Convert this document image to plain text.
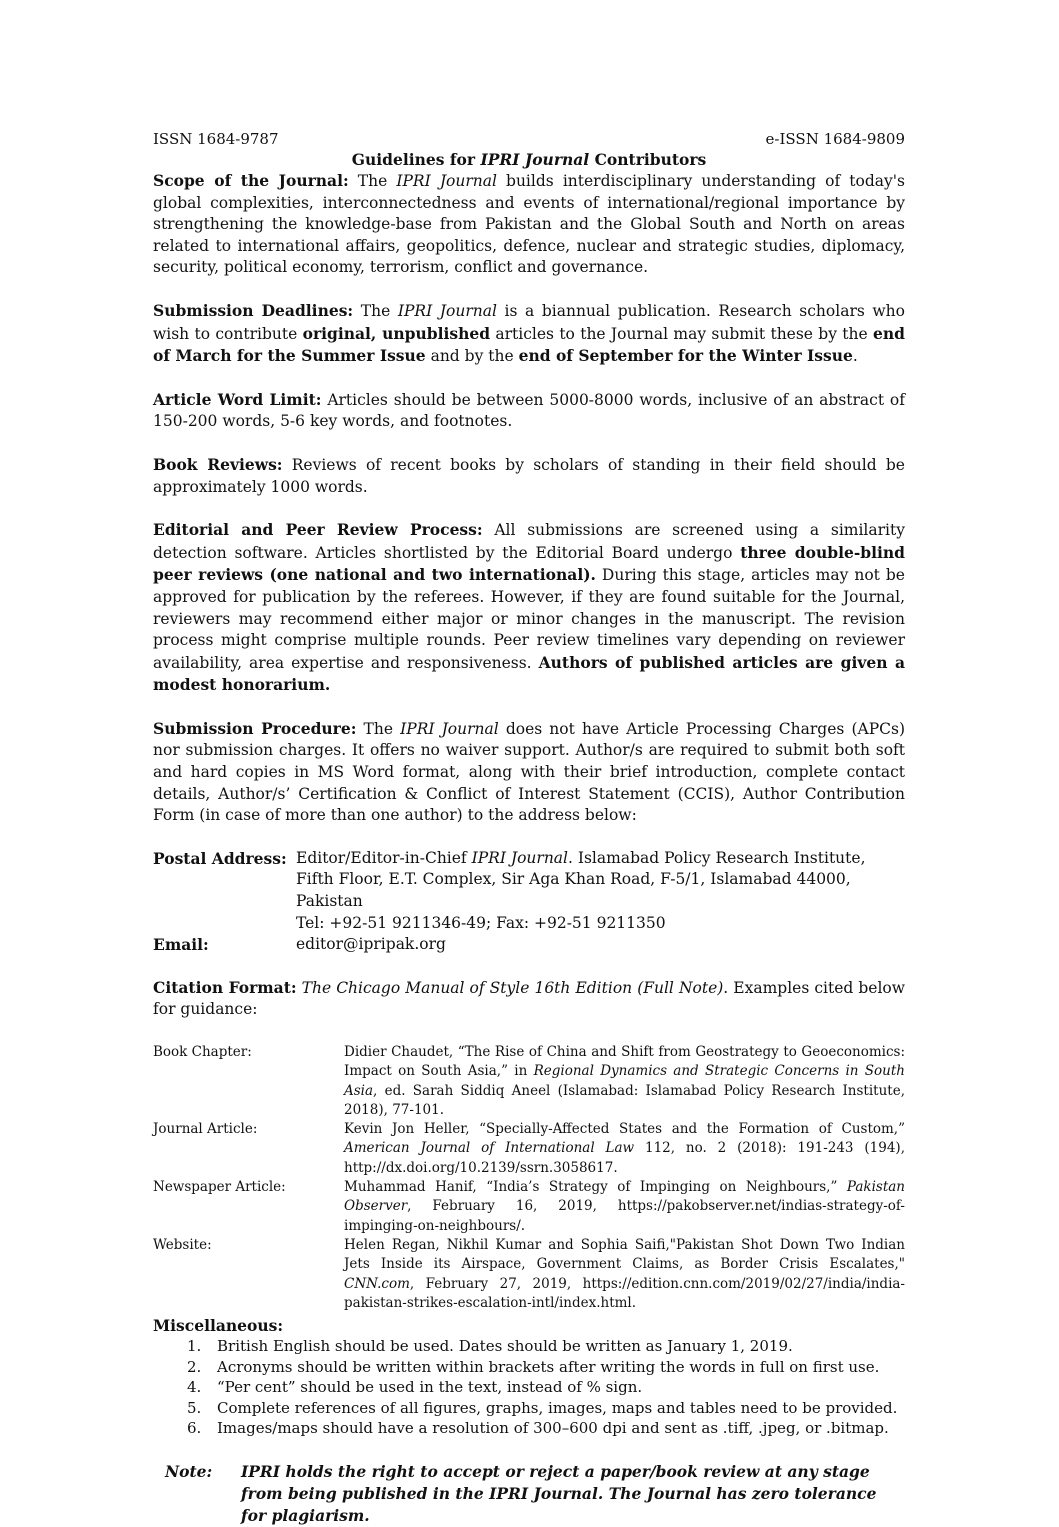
ISSN 1684-9787	e-ISSN 1684-9809
Guidelines for IPRI Journal Contributors

Scope of the Journal: The IPRI Journal builds interdisciplinary understanding of today's global complexities, interconnectedness and events of international/regional importance by strengthening the knowledge-base from Pakistan and the Global South and North on areas related to international affairs, geopolitics, defence, nuclear and strategic studies, diplomacy, security, political economy, terrorism, conflict and governance.

Submission Deadlines: The IPRI Journal is a biannual publication. Research scholars who wish to contribute original, unpublished articles to the Journal may submit these by the end of March for the Summer Issue and by the end of September for the Winter Issue.

Article Word Limit: Articles should be between 5000-8000 words, inclusive of an abstract of 150-200 words, 5-6 key words, and footnotes.

Book Reviews: Reviews of recent books by scholars of standing in their field should be approximately 1000 words.

Editorial and Peer Review Process: All submissions are screened using a similarity detection software. Articles shortlisted by the Editorial Board undergo three double-blind peer reviews (one national and two international). During this stage, articles may not be approved for publication by the referees. However, if they are found suitable for the Journal, reviewers may recommend either major or minor changes in the manuscript. The revision process might comprise multiple rounds. Peer review timelines vary depending on reviewer availability, area expertise and responsiveness. Authors of published articles are given a modest honorarium.

Submission Procedure: The IPRI Journal does not have Article Processing Charges (APCs) nor submission charges. It offers no waiver support. Author/s are required to submit both soft and hard copies in MS Word format, along with their brief introduction, complete contact details, Author/s’ Certification & Conflict of Interest Statement (CCIS), Author Contribution Form (in case of more than one author) to the address below:

Postal Address: Editor/Editor-in-Chief IPRI Journal. Islamabad Policy Research Institute,
Fifth Floor, E.T. Complex, Sir Aga Khan Road, F-5/1, Islamabad 44000, Pakistan
Tel: +92-51 9211346-49; Fax: +92-51 9211350
Email:	editor@ipripak.org

Citation Format: The Chicago Manual of Style 16th Edition (Full Note). Examples cited below for guidance:

Book Chapter:	Didier Chaudet, “The Rise of China and Shift from Geostrategy to Geoeconomics: Impact on South Asia,” in Regional Dynamics and Strategic Concerns in South Asia, ed. Sarah Siddiq Aneel (Islamabad: Islamabad Policy Research Institute, 2018), 77-101.
Journal Article:	Kevin Jon Heller, “Specially-Affected States and the Formation of Custom,” American Journal of International Law 112, no. 2 (2018): 191-243 (194), http://dx.doi.org/10.2139/ssrn.3058617.
Newspaper Article:	Muhammad Hanif, “India’s Strategy of Impinging on Neighbours,” Pakistan Observer, February 16, 2019, https://pakobserver.net/indias-strategy-of-impinging-on-neighbours/.
Website:	Helen Regan, Nikhil Kumar and Sophia Saifi,"Pakistan Shot Down Two Indian Jets Inside its Airspace, Government Claims, as Border Crisis Escalates," CNN.com, February 27, 2019, https://edition.cnn.com/2019/02/27/india/india-pakistan-strikes-escalation-intl/index.html.
Miscellaneous:
1.	British English should be used. Dates should be written as January 1, 2019.
2.	Acronyms should be written within brackets after writing the words in full on first use.
4.	“Per cent” should be used in the text, instead of % sign.
5.	Complete references of all figures, graphs, images, maps and tables need to be provided.
6.	Images/maps should have a resolution of 300–600 dpi and sent as .tiff, .jpeg, or .bitmap.
Note:	IPRI holds the right to accept or reject a paper/book review at any stage from being published in the IPRI Journal. The Journal has zero tolerance for plagiarism.
